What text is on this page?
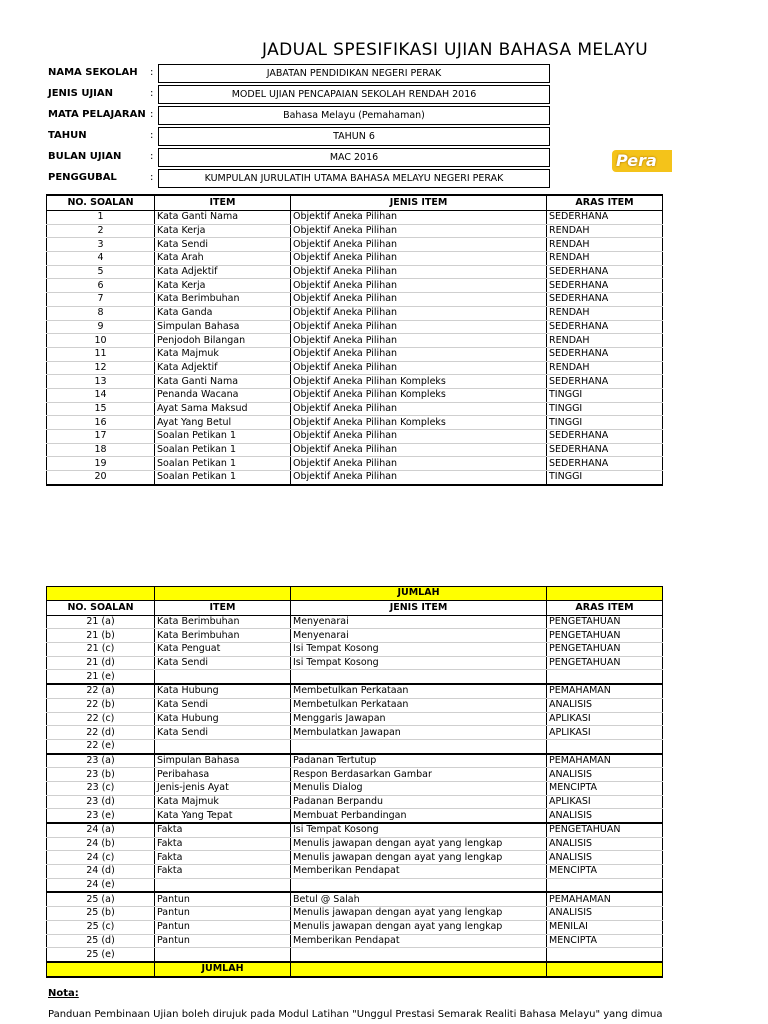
JADUAL SPESIFIKASI UJIAN BAHASA MELAYU
NAMA SEKOLAH :	JABATAN PENDIDIKAN NEGERI PERAK
JENIS UJIAN	:	MODEL UJIAN PENCAPAIAN SEKOLAH RENDAH 2016
MATA PELAJARAN :	Bahasa Melayu (Pemahaman)
TAHUN	:	TAHUN 6
BULAN UJIAN	:	MAC 2016
PENGGUBAL	:	KUMPULAN JURULATIH UTAMA BAHASA MELAYU NEGERI PERAK
Pera
NO. SOALAN	ITEM	JENIS ITEM	ARAS ITEM
1	Kata Ganti Nama	Objektif Aneka Pilihan	SEDERHANA
2	Kata Kerja	Objektif Aneka Pilihan	RENDAH
3	Kata Sendi	Objektif Aneka Pilihan	RENDAH
4	Kata Arah	Objektif Aneka Pilihan	RENDAH
5	Kata Adjektif	Objektif Aneka Pilihan	SEDERHANA
6	Kata Kerja	Objektif Aneka Pilihan	SEDERHANA
7	Kata Berimbuhan	Objektif Aneka Pilihan	SEDERHANA
8	Kata Ganda	Objektif Aneka Pilihan	RENDAH
9	Simpulan Bahasa	Objektif Aneka Pilihan	SEDERHANA
10	Penjodoh Bilangan	Objektif Aneka Pilihan	RENDAH
11	Kata Majmuk	Objektif Aneka Pilihan	SEDERHANA
12	Kata Adjektif	Objektif Aneka Pilihan	RENDAH
13	Kata Ganti Nama	Objektif Aneka Pilihan Kompleks	SEDERHANA
14	Penanda Wacana	Objektif Aneka Pilihan Kompleks	TINGGI
15	Ayat Sama Maksud	Objektif Aneka Pilihan	TINGGI
16	Ayat Yang Betul	Objektif Aneka Pilihan Kompleks	TINGGI
17	Soalan Petikan 1	Objektif Aneka Pilihan	SEDERHANA
18	Soalan Petikan 1	Objektif Aneka Pilihan	SEDERHANA
19	Soalan Petikan 1	Objektif Aneka Pilihan	SEDERHANA
20	Soalan Petikan 1	Objektif Aneka Pilihan	TINGGI
		JUMLAH	
NO. SOALAN	ITEM	JENIS ITEM	ARAS ITEM
21 (a)	Kata Berimbuhan	Menyenarai	PENGETAHUAN
21 (b)	Kata Berimbuhan	Menyenarai	PENGETAHUAN
21 (c)	Kata Penguat	Isi Tempat Kosong	PENGETAHUAN
21 (d)	Kata Sendi	Isi Tempat Kosong	PENGETAHUAN
21 (e)			
22 (a)	Kata Hubung	Membetulkan Perkataan	PEMAHAMAN
22 (b)	Kata Sendi	Membetulkan Perkataan	ANALISIS
22 (c)	Kata Hubung	Menggaris Jawapan	APLIKASI
22 (d)	Kata Sendi	Membulatkan Jawapan	APLIKASI
22 (e)			
23 (a)	Simpulan Bahasa	Padanan Tertutup	PEMAHAMAN
23 (b)	Peribahasa	Respon Berdasarkan Gambar	ANALISIS
23 (c)	Jenis-jenis Ayat	Menulis Dialog	MENCIPTA
23 (d)	Kata Majmuk	Padanan Berpandu	APLIKASI
23 (e)	Kata Yang Tepat	Membuat Perbandingan	ANALISIS
24 (a)	Fakta	Isi Tempat Kosong	PENGETAHUAN
24 (b)	Fakta	Menulis jawapan dengan ayat yang lengkap	ANALISIS
24 (c)	Fakta	Menulis jawapan dengan ayat yang lengkap	ANALISIS
24 (d)	Fakta	Memberikan Pendapat	MENCIPTA
24 (e)			
25 (a)	Pantun	Betul @ Salah	PEMAHAMAN
25 (b)	Pantun	Menulis jawapan dengan ayat yang lengkap	ANALISIS
25 (c)	Pantun	Menulis jawapan dengan ayat yang lengkap	MENILAI
25 (d)	Pantun	Memberikan Pendapat	MENCIPTA
25 (e)			
	JUMLAH		
Nota:
Panduan Pembinaan Ujian boleh dirujuk pada Modul Latihan "Unggul Prestasi Semarak Realiti Bahasa Melayu" yang dimua
